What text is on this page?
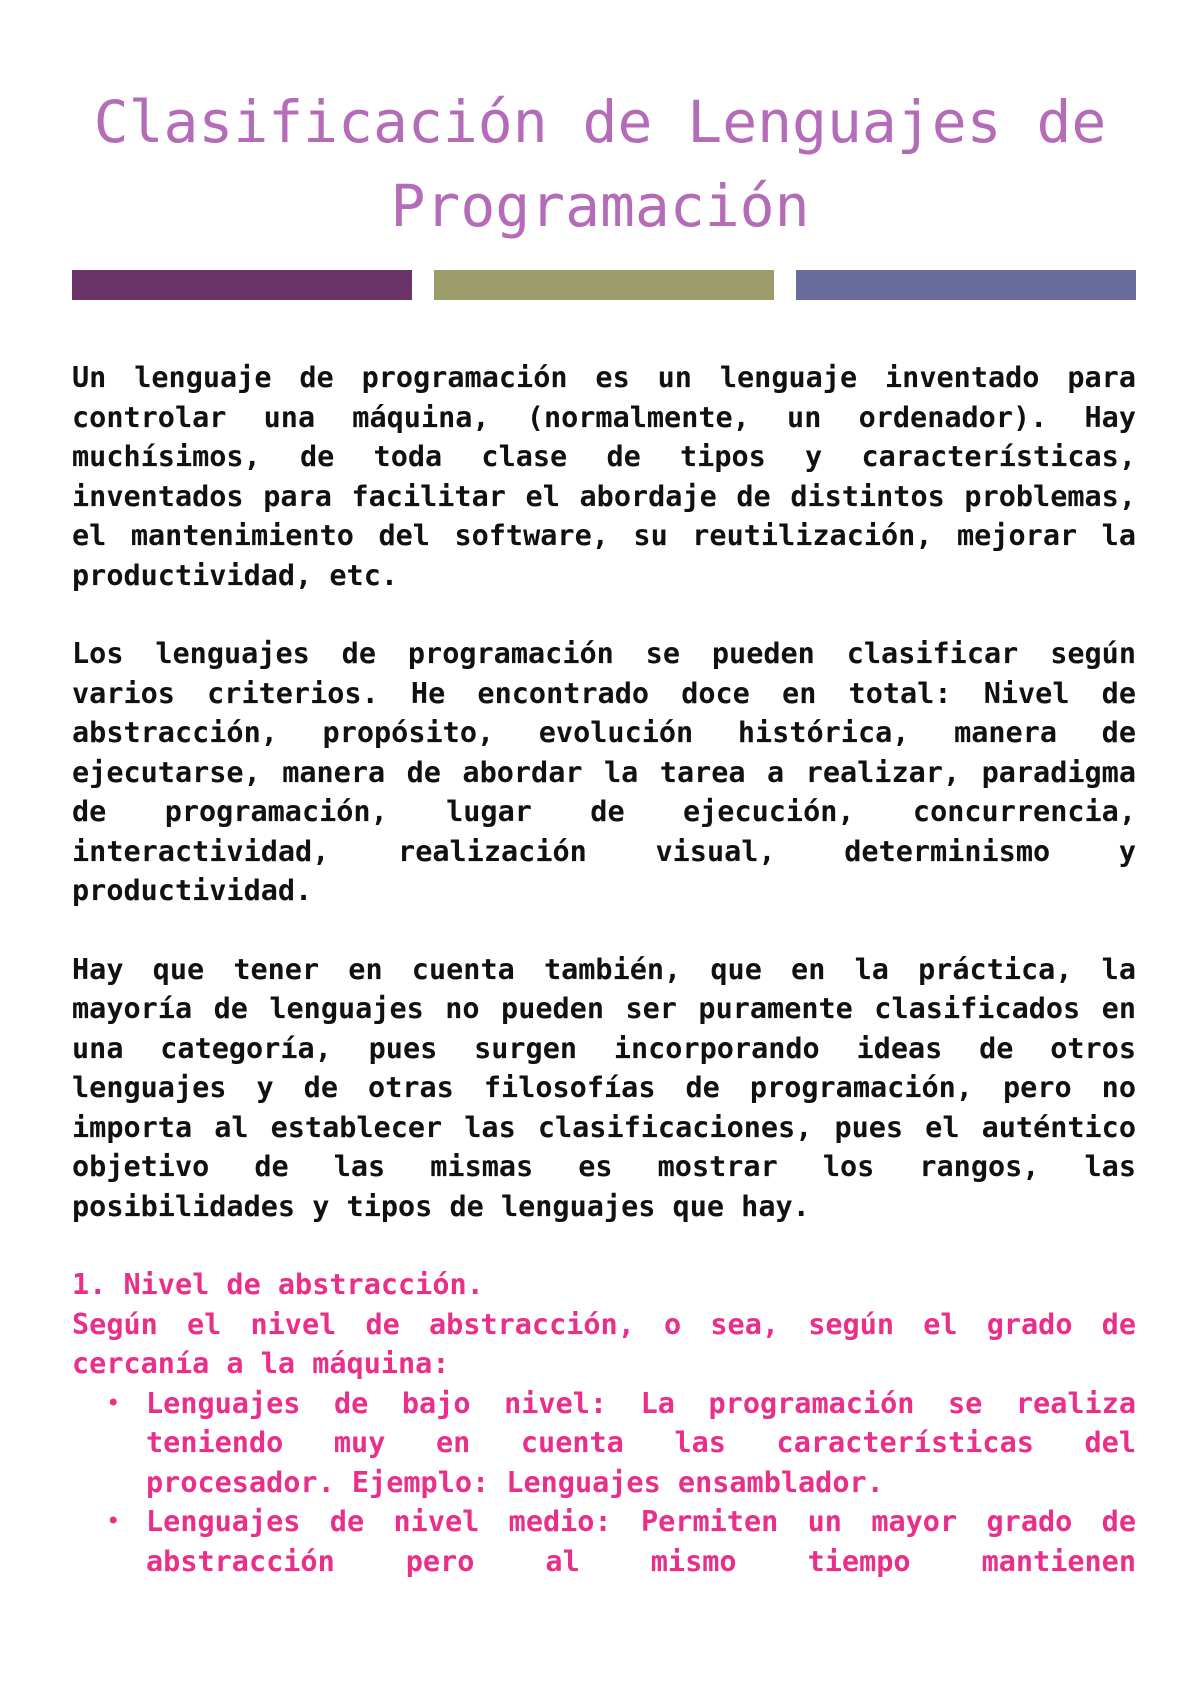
Clasificación de Lenguajes de Programación

Un lenguaje de programación es un lenguaje inventado para controlar una máquina, (normalmente, un ordenador). Hay muchísimos, de toda clase de tipos y características, inventados para facilitar el abordaje de distintos problemas, el mantenimiento del software, su reutilización, mejorar la productividad, etc.

Los lenguajes de programación se pueden clasificar según varios criterios. He encontrado doce en total: Nivel de abstracción, propósito, evolución histórica, manera de ejecutarse, manera de abordar la tarea a realizar, paradigma de programación, lugar de ejecución, concurrencia, interactividad, realización visual, determinismo y productividad.

Hay que tener en cuenta también, que en la práctica, la mayoría de lenguajes no pueden ser puramente clasificados en una categoría, pues surgen incorporando ideas de otros lenguajes y de otras filosofías de programación, pero no importa al establecer las clasificaciones, pues el auténtico objetivo de las mismas es mostrar los rangos, las posibilidades y tipos de lenguajes que hay.

1. Nivel de abstracción.

Según el nivel de abstracción, o sea, según el grado de cercanía a la máquina:

• Lenguajes de bajo nivel: La programación se realiza teniendo muy en cuenta las características del procesador. Ejemplo: Lenguajes ensamblador.
• Lenguajes de nivel medio: Permiten un mayor grado de abstracción pero al mismo tiempo mantienen
